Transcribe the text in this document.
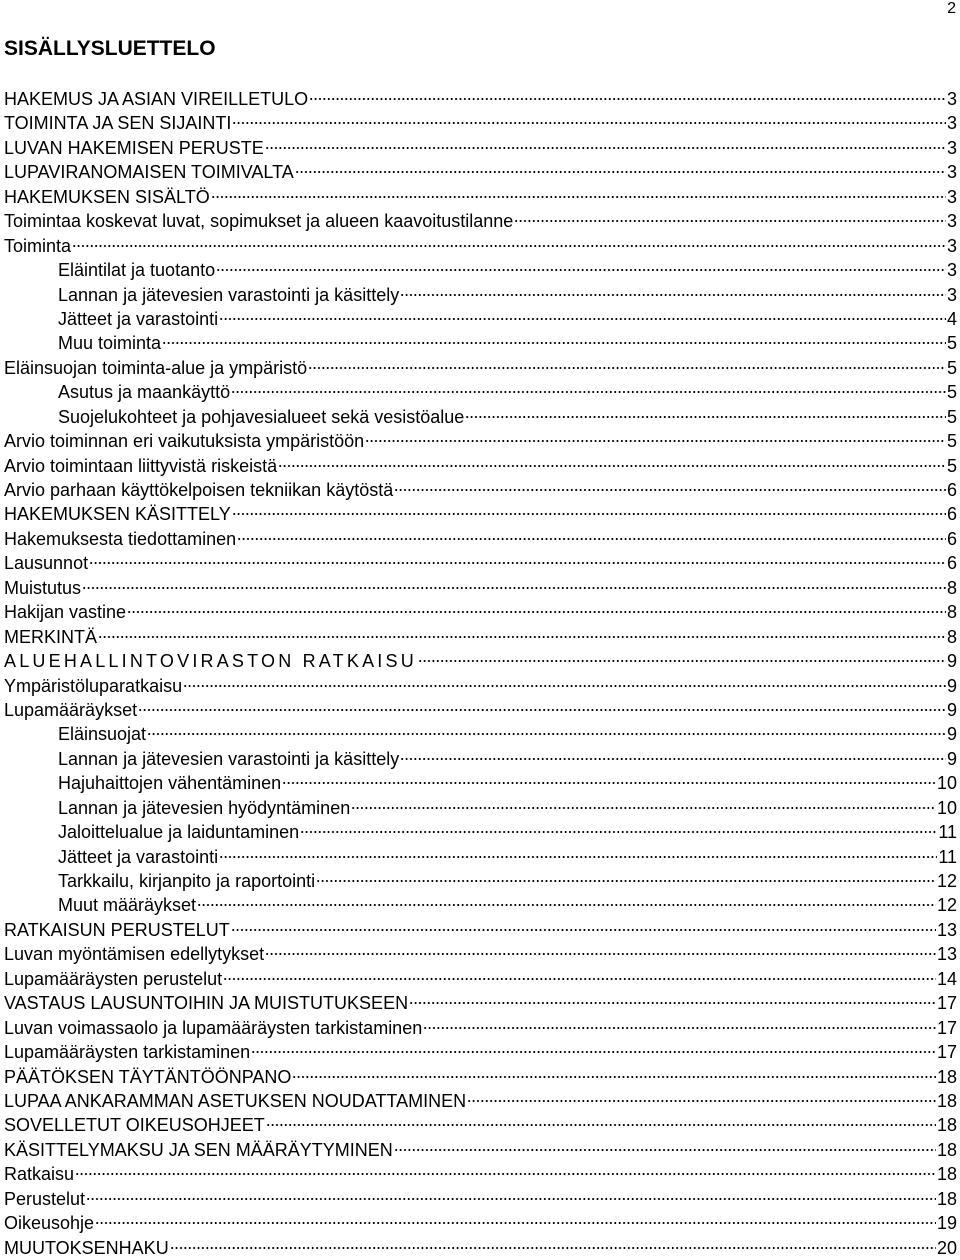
2
SISÄLLYSLUETTELO
HAKEMUS JA ASIAN VIREILLETULO	3
TOIMINTA JA SEN SIJAINTI	3
LUVAN HAKEMISEN PERUSTE	3
LUPAVIRANOMAISEN TOIMIVALTA	3
HAKEMUKSEN SISÄLTÖ	3
Toimintaa koskevat luvat, sopimukset ja alueen kaavoitustilanne	3
Toiminta	3
Eläintilat ja tuotanto	3
Lannan ja jätevesien varastointi ja käsittely	3
Jätteet ja varastointi	4
Muu toiminta	5
Eläinsuojan toiminta-alue ja ympäristö	5
Asutus ja maankäyttö	5
Suojelukohteet ja pohjavesialueet sekä vesistöalue	5
Arvio toiminnan eri vaikutuksista ympäristöön	5
Arvio toimintaan liittyvistä riskeistä	5
Arvio parhaan käyttökelpoisen tekniikan käytöstä	6
HAKEMUKSEN KÄSITTELY	6
Hakemuksesta tiedottaminen	6
Lausunnot	6
Muistutus	8
Hakijan vastine	8
MERKINTÄ	8
ALUEHALLINTOVIRASTON RATKAISU	9
Ympäristöluparatkaisu	9
Lupamääräykset	9
Eläinsuojat	9
Lannan ja jätevesien varastointi ja käsittely	9
Hajuhaittojen vähentäminen	10
Lannan ja jätevesien hyödyntäminen	10
Jaloittelualue ja laiduntaminen	11
Jätteet ja varastointi	11
Tarkkailu, kirjanpito ja raportointi	12
Muut määräykset	12
RATKAISUN PERUSTELUT	13
Luvan myöntämisen edellytykset	13
Lupamääräysten perustelut	14
VASTAUS LAUSUNTOIHIN JA MUISTUTUKSEEN	17
Luvan voimassaolo ja lupamääräysten tarkistaminen	17
Lupamääräysten tarkistaminen	17
PÄÄTÖKSEN TÄYTÄNTÖÖNPANO	18
LUPAA ANKARAMMAN ASETUKSEN NOUDATTAMINEN	18
SOVELLETUT OIKEUSOHJEET	18
KÄSITTELYMAKSU JA SEN MÄÄRÄYTYMINEN	18
Ratkaisu	18
Perustelut	18
Oikeusohje	19
MUUTOKSENHAKU	20
